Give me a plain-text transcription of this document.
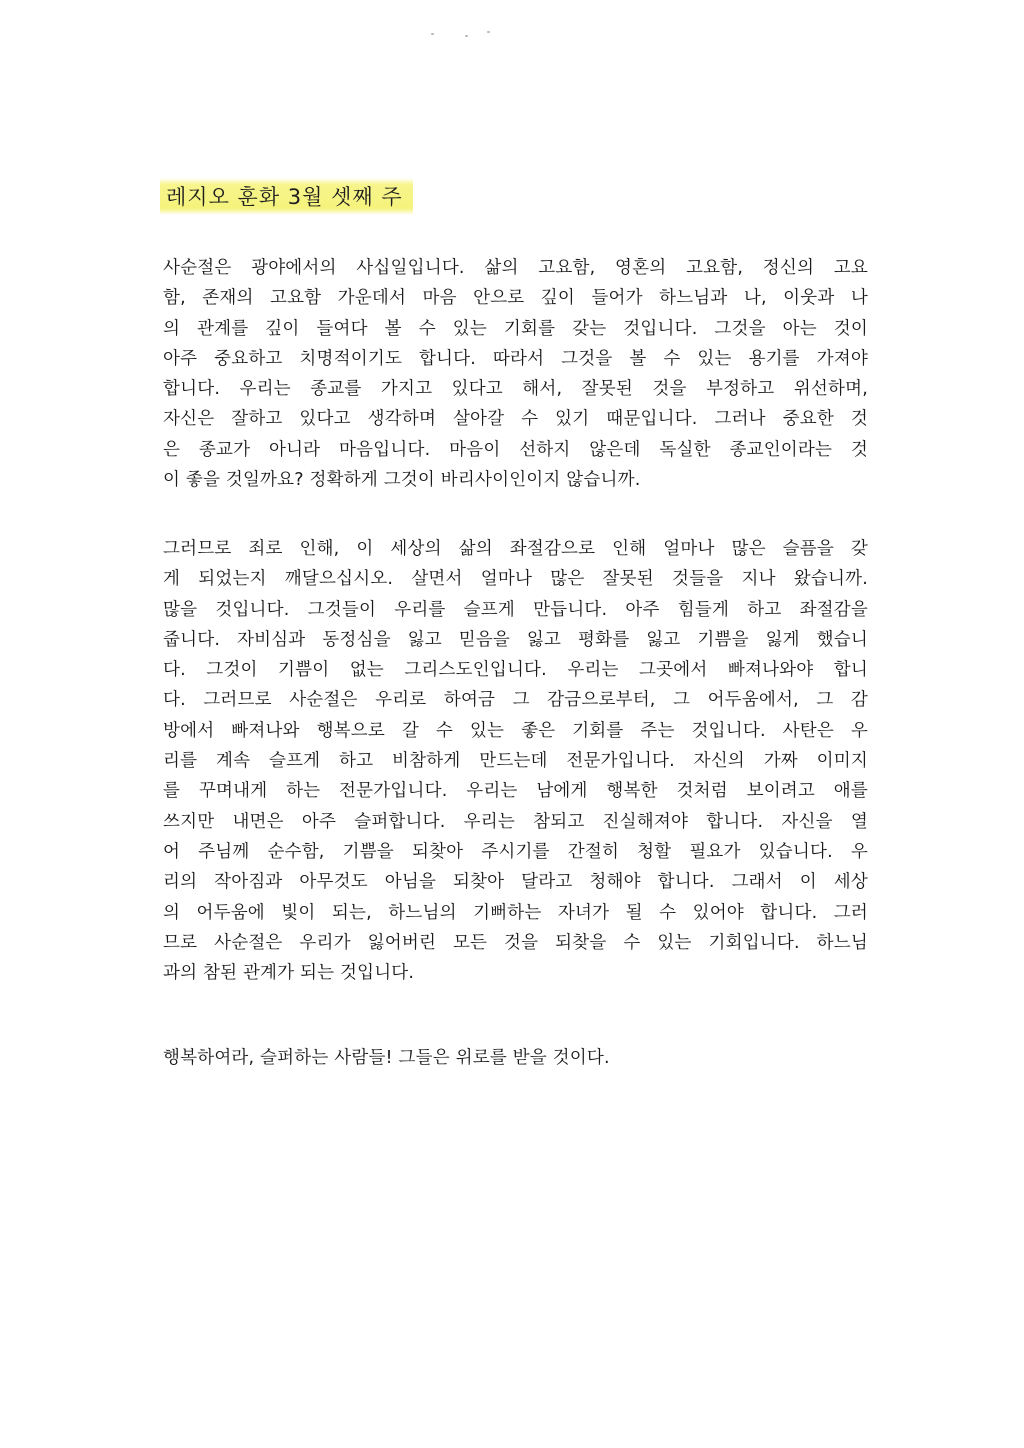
레지오 훈화 3월 셋째 주
사순절은 광야에서의 사십일입니다. 삶의 고요함, 영혼의 고요함, 정신의 고요
함, 존재의 고요함 가운데서 마음 안으로 깊이 들어가 하느님과 나, 이웃과 나
의 관계를 깊이 들여다 볼 수 있는 기회를 갖는 것입니다. 그것을 아는 것이
아주 중요하고 치명적이기도 합니다. 따라서 그것을 볼 수 있는 용기를 가져야
합니다. 우리는 종교를 가지고 있다고 해서, 잘못된 것을 부정하고 위선하며,
자신은 잘하고 있다고 생각하며 살아갈 수 있기 때문입니다. 그러나 중요한 것
은 종교가 아니라 마음입니다. 마음이 선하지 않은데 독실한 종교인이라는 것
이 좋을 것일까요? 정확하게 그것이 바리사이인이지 않습니까.
그러므로 죄로 인해, 이 세상의 삶의 좌절감으로 인해 얼마나 많은 슬픔을 갖
게 되었는지 깨달으십시오. 살면서 얼마나 많은 잘못된 것들을 지나 왔습니까.
많을 것입니다. 그것들이 우리를 슬프게 만듭니다. 아주 힘들게 하고 좌절감을
줍니다. 자비심과 동정심을 잃고 믿음을 잃고 평화를 잃고 기쁨을 잃게 했습니
다. 그것이 기쁨이 없는 그리스도인입니다. 우리는 그곳에서 빠져나와야 합니
다. 그러므로 사순절은 우리로 하여금 그 감금으로부터, 그 어두움에서, 그 감
방에서 빠져나와 행복으로 갈 수 있는 좋은 기회를 주는 것입니다. 사탄은 우
리를 계속 슬프게 하고 비참하게 만드는데 전문가입니다. 자신의 가짜 이미지
를 꾸며내게 하는 전문가입니다. 우리는 남에게 행복한 것처럼 보이려고 애를
쓰지만 내면은 아주 슬퍼합니다. 우리는 참되고 진실해져야 합니다. 자신을 열
어 주님께 순수함, 기쁨을 되찾아 주시기를 간절히 청할 필요가 있습니다. 우
리의 작아짐과 아무것도 아님을 되찾아 달라고 청해야 합니다. 그래서 이 세상
의 어두움에 빛이 되는, 하느님의 기뻐하는 자녀가 될 수 있어야 합니다. 그러
므로 사순절은 우리가 잃어버린 모든 것을 되찾을 수 있는 기회입니다. 하느님
과의 참된 관계가 되는 것입니다.
행복하여라, 슬퍼하는 사람들! 그들은 위로를 받을 것이다.
